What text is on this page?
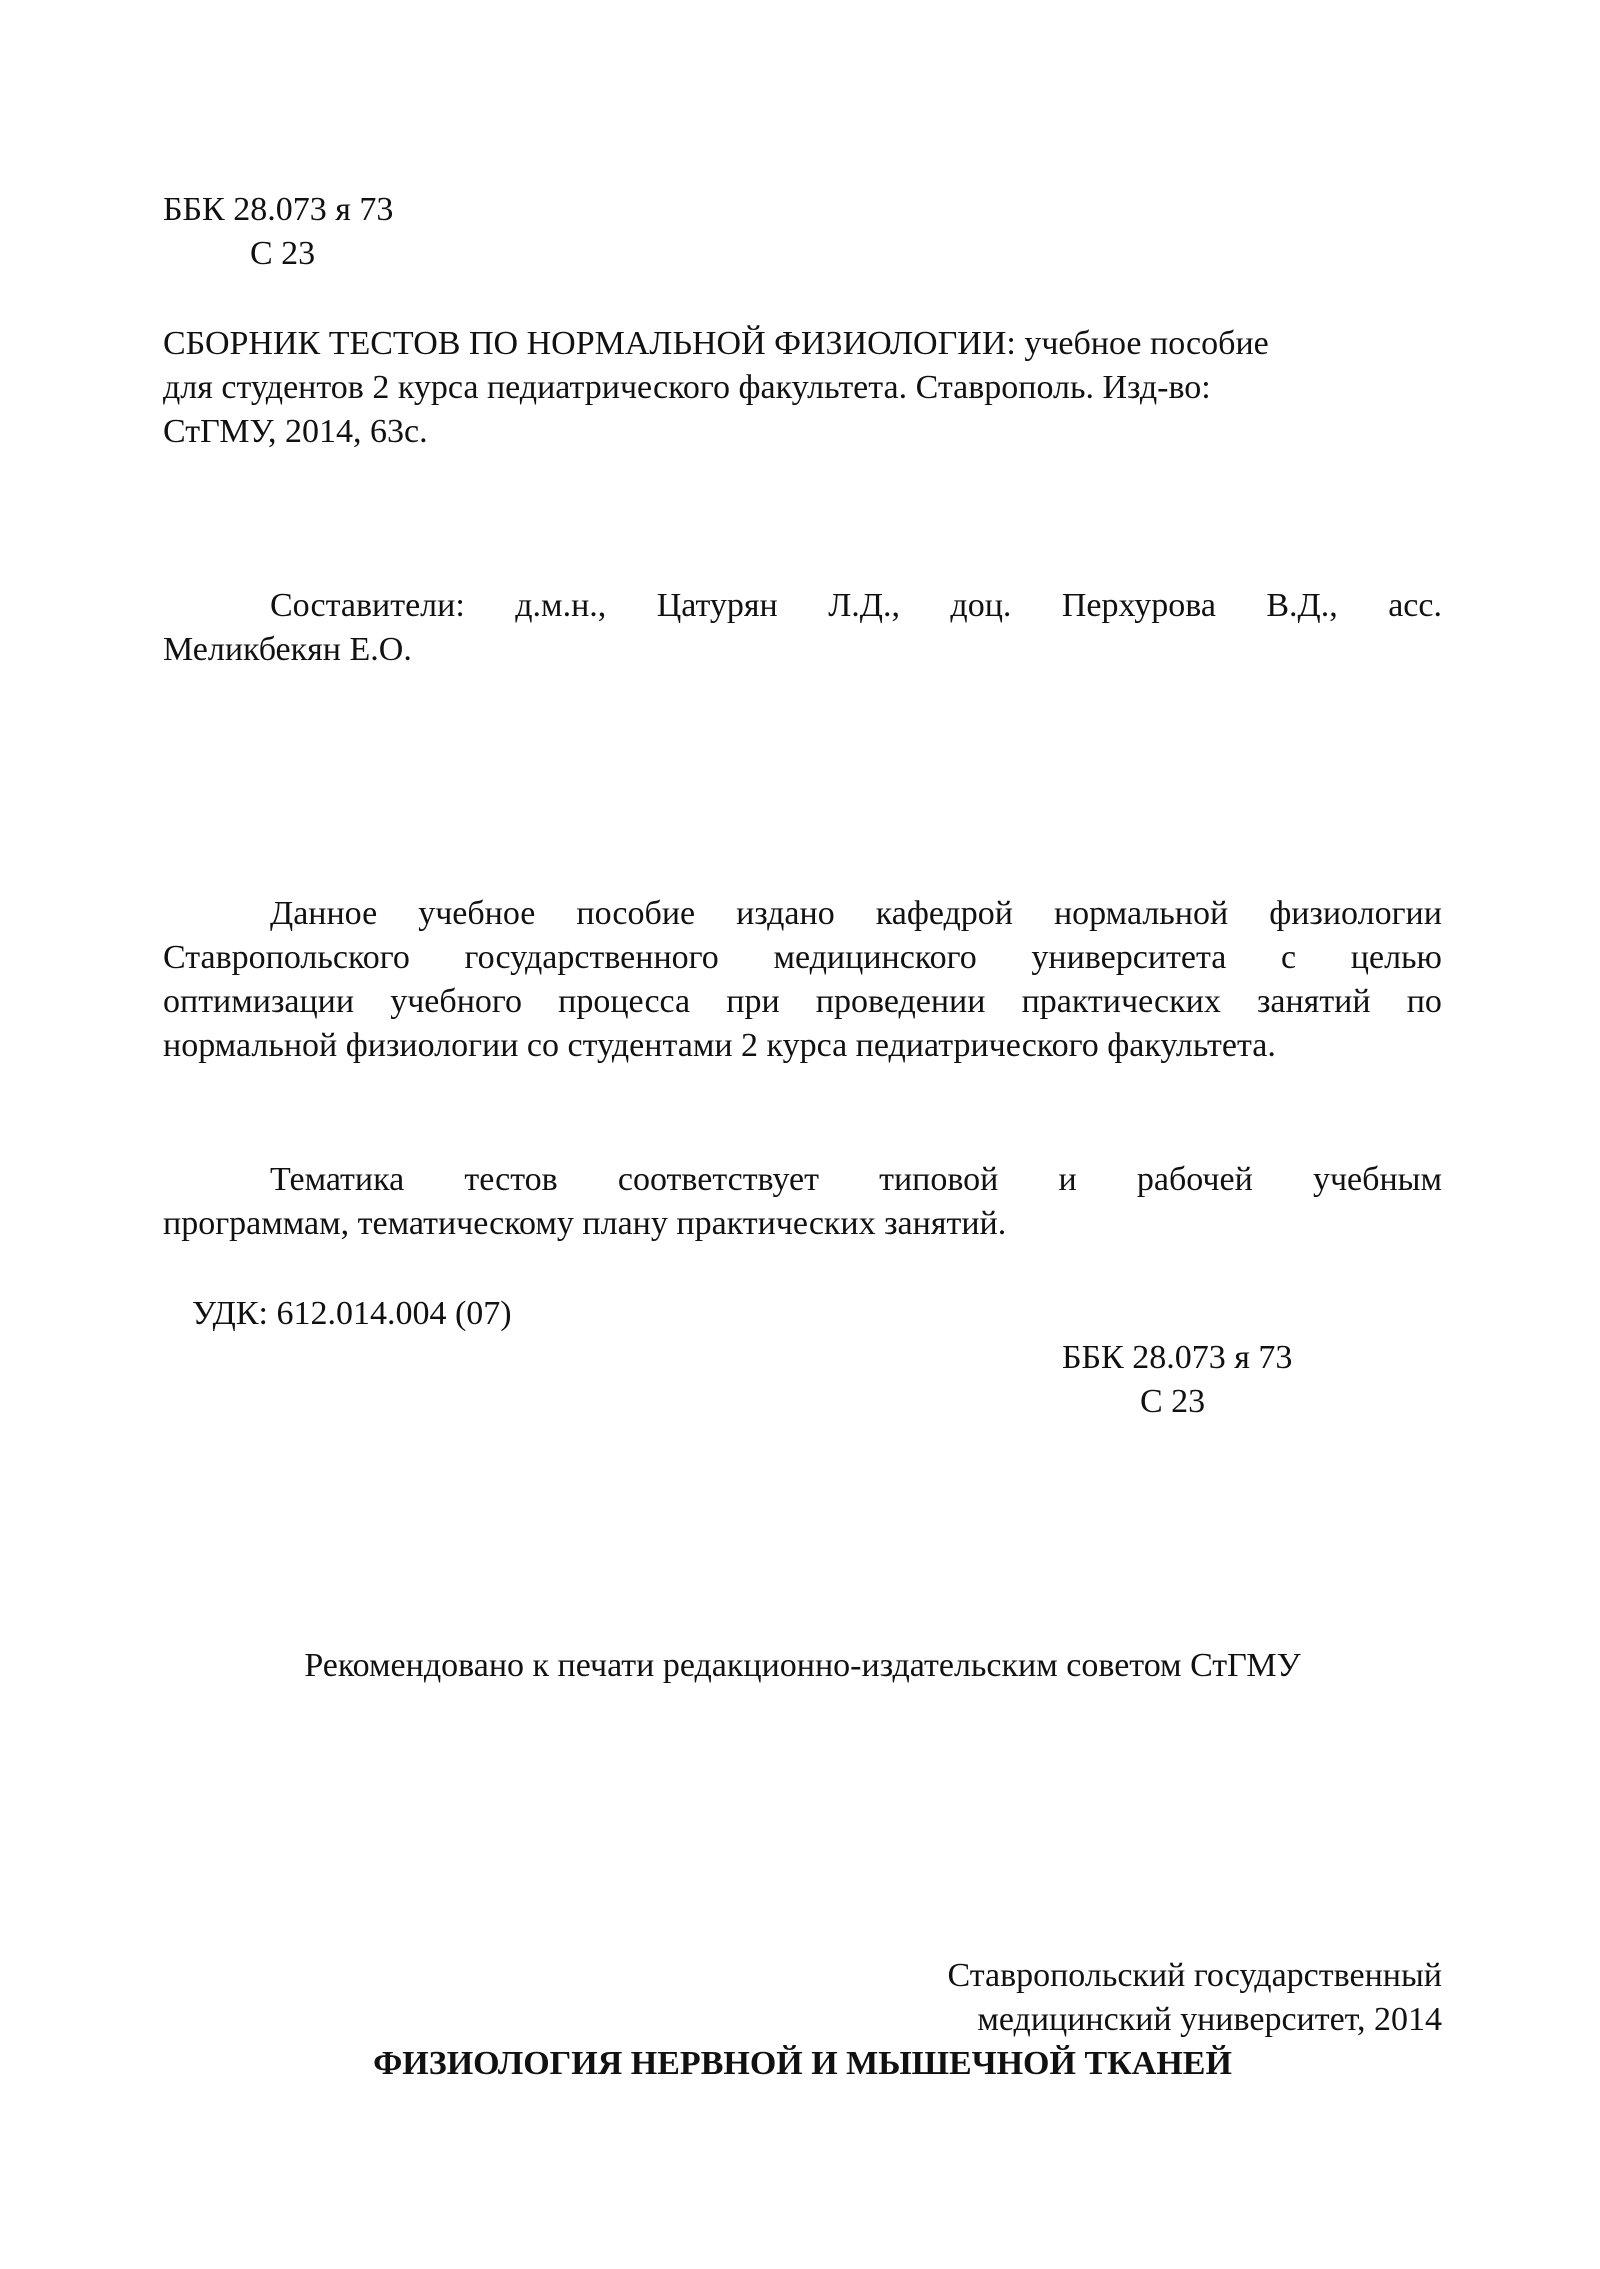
ББК 28.073 я 73
С 23
СБОРНИК ТЕСТОВ ПО НОРМАЛЬНОЙ ФИЗИОЛОГИИ: учебное пособие
для студентов 2 курса педиатрического факультета. Ставрополь. Изд-во:
СтГМУ, 2014, 63с.
Составители: д.м.н., Цатурян Л.Д., доц. Перхурова В.Д., асс.
Меликбекян Е.О.
Данное учебное пособие издано кафедрой нормальной физиологии
Ставропольского государственного медицинского университета с целью
оптимизации учебного процесса при проведении практических занятий по
нормальной физиологии со студентами 2 курса педиатрического факультета.
Тематика тестов соответствует типовой и рабочей учебным
программам, тематическому плану практических занятий.
УДК: 612.014.004 (07)
ББК 28.073 я 73
С 23
Рекомендовано к печати редакционно-издательским советом СтГМУ
Ставропольский государственный
медицинский университет, 2014
ФИЗИОЛОГИЯ НЕРВНОЙ И МЫШЕЧНОЙ ТКАНЕЙ
